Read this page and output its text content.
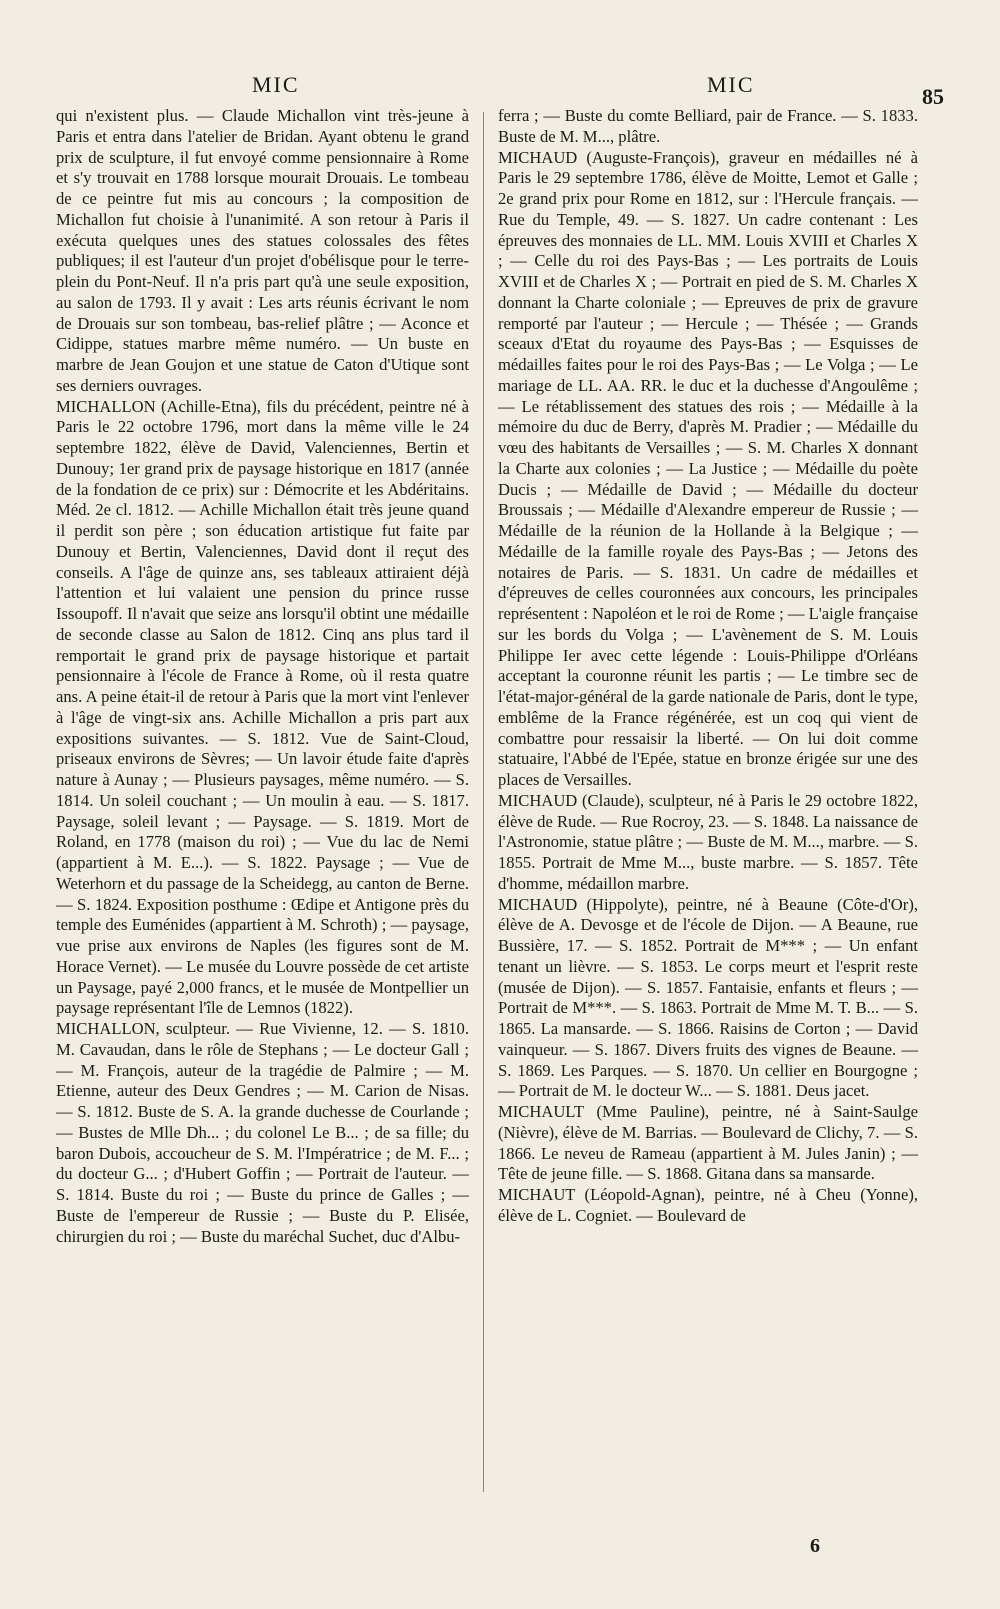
MIC	MIC	85

qui n'existent plus. — Claude Michallon vint très-jeune à Paris et entra dans l'atelier de Bridan. Ayant obtenu le grand prix de sculpture, il fut envoyé comme pensionnaire à Rome et s'y trouvait en 1788 lorsque mourait Drouais. Le tombeau de ce peintre fut mis au concours ; la composition de Michallon fut choisie à l'unanimité. A son retour à Paris il exécuta quelques unes des statues colossales des fêtes publiques; il est l'auteur d'un projet d'obélisque pour le terre-plein du Pont-Neuf. Il n'a pris part qu'à une seule exposition, au salon de 1793. Il y avait : Les arts réunis écrivant le nom de Drouais sur son tombeau, bas-relief plâtre ; — Aconce et Cidippe, statues marbre même numéro. — Un buste en marbre de Jean Goujon et une statue de Caton d'Utique sont ses derniers ouvrages.

MICHALLON (Achille-Etna), fils du précédent, peintre né à Paris le 22 octobre 1796, mort dans la même ville le 24 septembre 1822, élève de David, Valenciennes, Bertin et Dunouy; 1er grand prix de paysage historique en 1817 (année de la fondation de ce prix) sur : Démocrite et les Abdéritains. Méd. 2e cl. 1812. — Achille Michallon était très jeune quand il perdit son père ; son éducation artistique fut faite par Dunouy et Bertin, Valenciennes, David dont il reçut des conseils. A l'âge de quinze ans, ses tableaux attiraient déjà l'attention et lui valaient une pension du prince russe Issoupoff. Il n'avait que seize ans lorsqu'il obtint une médaille de seconde classe au Salon de 1812. Cinq ans plus tard il remportait le grand prix de paysage historique et partait pensionnaire à l'école de France à Rome, où il resta quatre ans. A peine était-il de retour à Paris que la mort vint l'enlever à l'âge de vingt-six ans. Achille Michallon a pris part aux expositions suivantes. — S. 1812. Vue de Saint-Cloud, priseaux environs de Sèvres; — Un lavoir étude faite d'après nature à Aunay ; — Plusieurs paysages, même numéro. — S. 1814. Un soleil couchant ; — Un moulin à eau. — S. 1817. Paysage, soleil levant ; — Paysage. — S. 1819. Mort de Roland, en 1778 (maison du roi) ; — Vue du lac de Nemi (appartient à M. E...). — S. 1822. Paysage ; — Vue de Weterhorn et du passage de la Scheidegg, au canton de Berne. — S. 1824. Exposition posthume : Œdipe et Antigone près du temple des Euménides (appartient à M. Schroth) ; — paysage, vue prise aux environs de Naples (les figures sont de M. Horace Vernet). — Le musée du Louvre possède de cet artiste un Paysage, payé 2,000 francs, et le musée de Montpellier un paysage représentant l'île de Lemnos (1822).

MICHALLON, sculpteur. — Rue Vivienne, 12. — S. 1810. M. Cavaudan, dans le rôle de Stephans ; — Le docteur Gall ; — M. François, auteur de la tragédie de Palmire ; — M. Etienne, auteur des Deux Gendres ; — M. Carion de Nisas. — S. 1812. Buste de S. A. la grande duchesse de Courlande ; — Bustes de Mlle Dh... ; du colonel Le B... ; de sa fille; du baron Dubois, accoucheur de S. M. l'Impératrice ; de M. F... ; du docteur G... ; d'Hubert Goffin ; — Portrait de l'auteur. — S. 1814. Buste du roi ; — Buste du prince de Galles ; — Buste de l'empereur de Russie ; — Buste du P. Elisée, chirurgien du roi ; — Buste du maréchal Suchet, duc d'Albu-

ferra ; — Buste du comte Belliard, pair de France. — S. 1833. Buste de M. M..., plâtre.

MICHAUD (Auguste-François), graveur en médailles né à Paris le 29 septembre 1786, élève de Moitte, Lemot et Galle ; 2e grand prix pour Rome en 1812, sur : l'Hercule français. — Rue du Temple, 49. — S. 1827. Un cadre contenant : Les épreuves des monnaies de LL. MM. Louis XVIII et Charles X ; — Celle du roi des Pays-Bas ; — Les portraits de Louis XVIII et de Charles X ; — Portrait en pied de S. M. Charles X donnant la Charte coloniale ; — Epreuves de prix de gravure remporté par l'auteur ; — Hercule ; — Thésée ; — Grands sceaux d'Etat du royaume des Pays-Bas ; — Esquisses de médailles faites pour le roi des Pays-Bas ; — Le Volga ; — Le mariage de LL. AA. RR. le duc et la duchesse d'Angoulême ; — Le rétablissement des statues des rois ; — Médaille à la mémoire du duc de Berry, d'après M. Pradier ; — Médaille du vœu des habitants de Versailles ; — S. M. Charles X donnant la Charte aux colonies ; — La Justice ; — Médaille du poète Ducis ; — Médaille de David ; — Médaille du docteur Broussais ; — Médaille d'Alexandre empereur de Russie ; — Médaille de la réunion de la Hollande à la Belgique ; — Médaille de la famille royale des Pays-Bas ; — Jetons des notaires de Paris. — S. 1831. Un cadre de médailles et d'épreuves de celles couronnées aux concours, les principales représentent : Napoléon et le roi de Rome ; — L'aigle française sur les bords du Volga ; — L'avènement de S. M. Louis Philippe Ier avec cette légende : Louis-Philippe d'Orléans acceptant la couronne réunit les partis ; — Le timbre sec de l'état-major-général de la garde nationale de Paris, dont le type, emblême de la France régénérée, est un coq qui vient de combattre pour ressaisir la liberté. — On lui doit comme statuaire, l'Abbé de l'Epée, statue en bronze érigée sur une des places de Versailles.

MICHAUD (Claude), sculpteur, né à Paris le 29 octobre 1822, élève de Rude. — Rue Rocroy, 23. — S. 1848. La naissance de l'Astronomie, statue plâtre ; — Buste de M. M..., marbre. — S. 1855. Portrait de Mme M..., buste marbre. — S. 1857. Tête d'homme, médaillon marbre.

MICHAUD (Hippolyte), peintre, né à Beaune (Côte-d'Or), élève de A. Devosge et de l'école de Dijon. — A Beaune, rue Bussière, 17. — S. 1852. Portrait de M*** ; — Un enfant tenant un lièvre. — S. 1853. Le corps meurt et l'esprit reste (musée de Dijon). — S. 1857. Fantaisie, enfants et fleurs ; — Portrait de M***. — S. 1863. Portrait de Mme M. T. B... — S. 1865. La mansarde. — S. 1866. Raisins de Corton ; — David vainqueur. — S. 1867. Divers fruits des vignes de Beaune. — S. 1869. Les Parques. — S. 1870. Un cellier en Bourgogne ; — Portrait de M. le docteur W... — S. 1881. Deus jacet.

MICHAULT (Mme Pauline), peintre, né à Saint-Saulge (Nièvre), élève de M. Barrias. — Boulevard de Clichy, 7. — S. 1866. Le neveu de Rameau (appartient à M. Jules Janin) ; — Tête de jeune fille. — S. 1868. Gitana dans sa mansarde.

MICHAUT (Léopold-Agnan), peintre, né à Cheu (Yonne), élève de L. Cogniet. — Boulevard de

6
